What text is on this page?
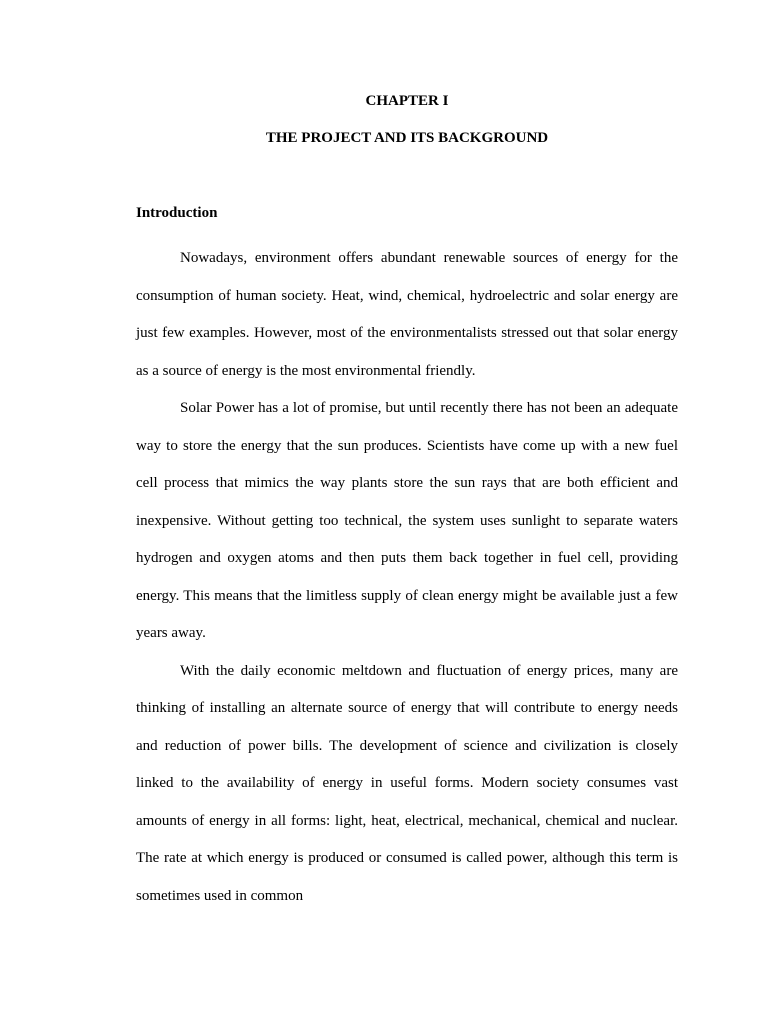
CHAPTER I
THE PROJECT AND ITS BACKGROUND
Introduction

Nowadays, environment offers abundant renewable sources of energy for the consumption of human society. Heat, wind, chemical, hydroelectric and solar energy are just few examples. However, most of the environmentalists stressed out that solar energy as a source of energy is the most environmental friendly.

Solar Power has a lot of promise, but until recently there has not been an adequate way to store the energy that the sun produces. Scientists have come up with a new fuel cell process that mimics the way plants store the sun rays that are both efficient and inexpensive. Without getting too technical, the system uses sunlight to separate waters hydrogen and oxygen atoms and then puts them back together in fuel cell, providing energy. This means that the limitless supply of clean energy might be available just a few years away.

With the daily economic meltdown and fluctuation of energy prices, many are thinking of installing an alternate source of energy that will contribute to energy needs and reduction of power bills. The development of science and civilization is closely linked to the availability of energy in useful forms. Modern society consumes vast amounts of energy in all forms: light, heat, electrical, mechanical, chemical and nuclear. The rate at which energy is produced or consumed is called power, although this term is sometimes used in common
